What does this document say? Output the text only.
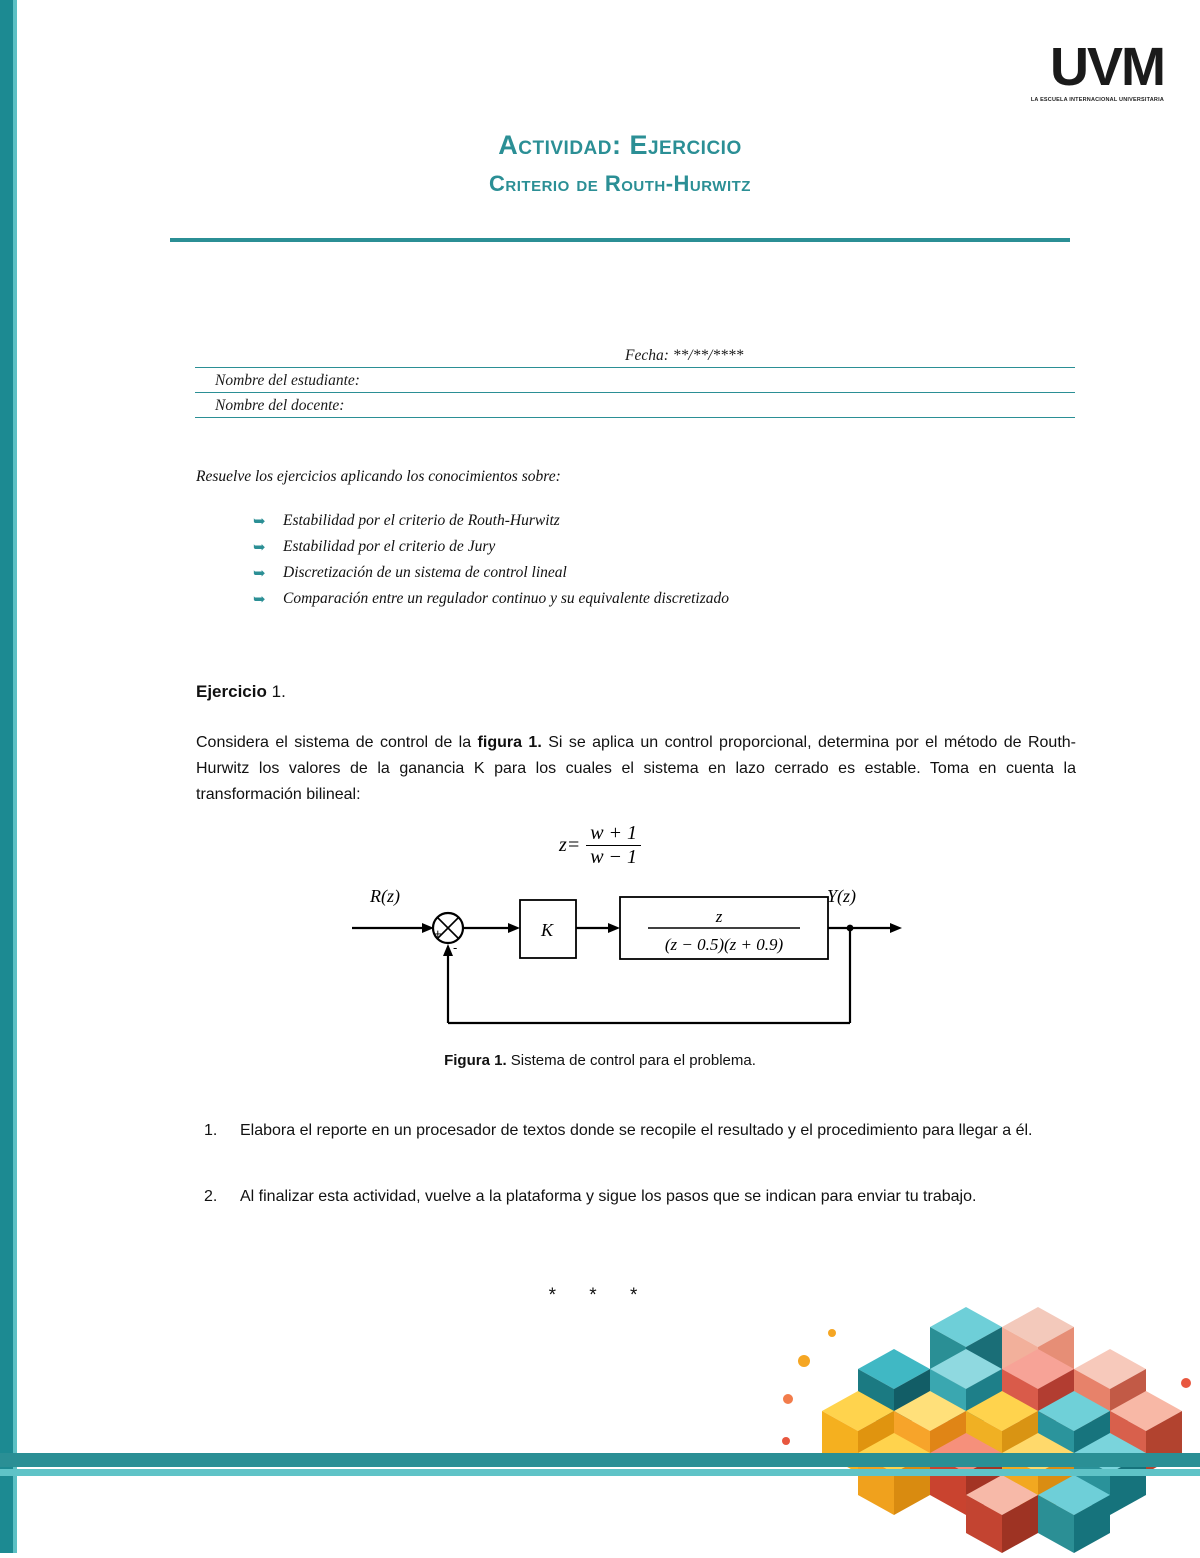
UVM
LA ESCUELA INTERNACIONAL UNIVERSITARIA
Actividad: Ejercicio
Criterio de Routh-Hurwitz
Fecha: **/**/****
Nombre del estudiante:
Nombre del docente:
Resuelve los ejercicios aplicando los conocimientos sobre:
➥ Estabilidad por el criterio de Routh-Hurwitz
➥ Estabilidad por el criterio de Jury
➥ Discretización de un sistema de control lineal
➥ Comparación entre un regulador continuo y su equivalente discretizado
Ejercicio 1.
Considera el sistema de control de la figura 1. Si se aplica un control proporcional, determina por el método de Routh-Hurwitz los valores de la ganancia K para los cuales el sistema en lazo cerrado es estable. Toma en cuenta la transformación bilineal:
$z= \frac{w + 1}{w - 1}$
R(z)	Y(z)
+
-
K
z
(z − 0.5)(z + 0.9)
Figura 1. Sistema de control para el problema.
1. Elabora el reporte en un procesador de textos donde se recopile el resultado y el procedimiento para llegar a él.
2. Al finalizar esta actividad, vuelve a la plataforma y sigue los pasos que se indican para enviar tu trabajo.
* * *
